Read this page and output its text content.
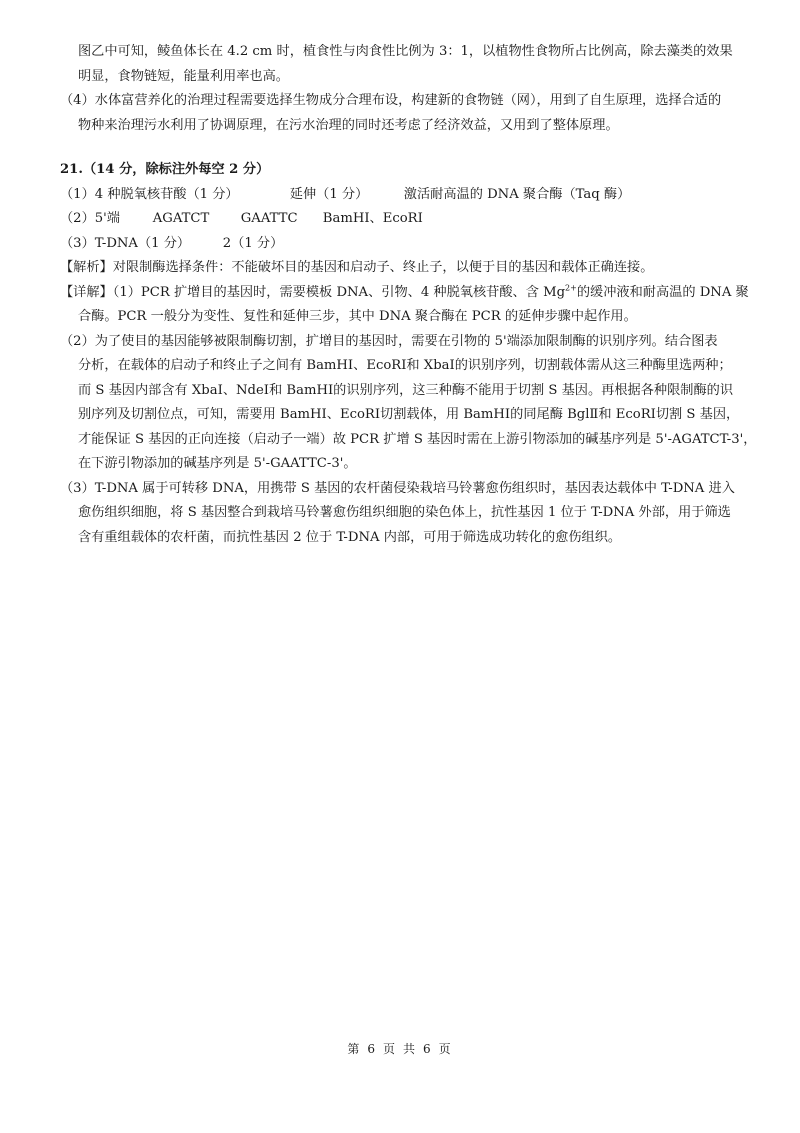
图乙中可知，鲮鱼体长在 4.2 cm 时，植食性与肉食性比例为 3：1，以植物性食物所占比例高，除去藻类的效果
明显，食物链短，能量利用率也高。
（4）水体富营养化的治理过程需要选择生物成分合理布设，构建新的食物链（网），用到了自生原理，选择合适的
物种来治理污水利用了协调原理，在污水治理的同时还考虑了经济效益，又用到了整体原理。
21.（14 分，除标注外每空 2 分）
（1）4 种脱氧核苷酸（1 分）	延伸（1 分）	激活耐高温的 DNA 聚合酶（Taq 酶）
（2）5'端 AGATCT GAATTC BamHⅠ、EcoRⅠ
（3）T-DNA（1 分） 2（1 分）
【解析】对限制酶选择条件：不能破坏目的基因和启动子、终止子，以便于目的基因和载体正确连接。
【详解】（1）PCR 扩增目的基因时，需要模板 DNA、引物、4 种脱氧核苷酸、含 $Mg^{2+}$的缓冲液和耐高温的 DNA 聚
合酶。PCR 一般分为变性、复性和延伸三步，其中 DNA 聚合酶在 PCR 的延伸步骤中起作用。
（2）为了使目的基因能够被限制酶切割，扩增目的基因时，需要在引物的 5'端添加限制酶的识别序列。结合图表
分析，在载体的启动子和终止子之间有 BamHⅠ、EcoRⅠ和 XbaⅠ的识别序列，切割载体需从这三种酶里选两种；
而 S 基因内部含有 XbaⅠ、NdeⅠ和 BamHⅠ的识别序列，这三种酶不能用于切割 S 基因。再根据各种限制酶的识
别序列及切割位点，可知，需要用 BamHⅠ、EcoRⅠ切割载体，用 BamHⅠ的同尾酶 BglⅡ和 EcoRⅠ切割 S 基因，
才能保证 S 基因的正向连接（启动子一端）故 PCR 扩增 S 基因时需在上游引物添加的碱基序列是 5'-AGATCT-3'，
在下游引物添加的碱基序列是 5'-GAATTC-3'。
（3）T-DNA 属于可转移 DNA，用携带 S 基因的农杆菌侵染栽培马铃薯愈伤组织时，基因表达载体中 T-DNA 进入
愈伤组织细胞，将 S 基因整合到栽培马铃薯愈伤组织细胞的染色体上，抗性基因 1 位于 T-DNA 外部，用于筛选
含有重组载体的农杆菌，而抗性基因 2 位于 T-DNA 内部，可用于筛选成功转化的愈伤组织。
第 6 页 共 6 页
